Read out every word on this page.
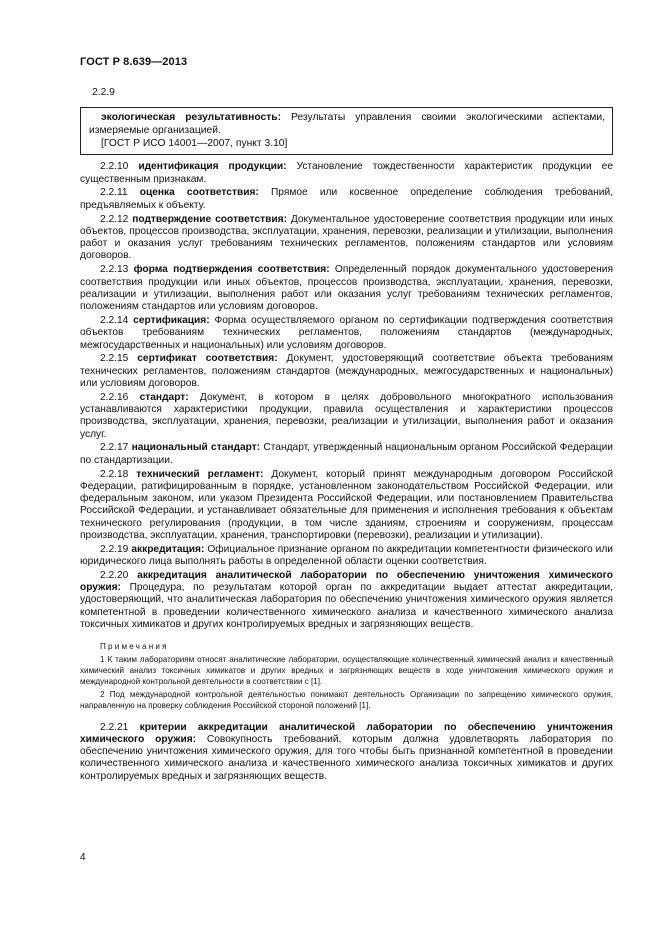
ГОСТ Р 8.639—2013
2.2.9

экологическая результативность: Результаты управления своими экологическими аспектами, измеряемые организацией.

[ГОСТ Р ИСО 14001—2007, пункт 3.10]

2.2.10 идентификация продукции: Установление тождественности характеристик продукции ее существенным признакам.

2.2.11 оценка соответствия: Прямое или косвенное определение соблюдения требований, предъявляемых к объекту.

2.2.12 подтверждение соответствия: Документальное удостоверение соответствия продукции или иных объектов, процессов производства, эксплуатации, хранения, перевозки, реализации и утилизации, выполнения работ и оказания услуг требованиям технических регламентов, положениям стандартов или условиям договоров.

2.2.13 форма подтверждения соответствия: Определенный порядок документального удостоверения соответствия продукции или иных объектов, процессов производства, эксплуатации, хранения, перевозки, реализации и утилизации, выполнения работ или оказания услуг требованиям технических регламентов, положениям стандартов или условиям договоров.

2.2.14 сертификация: Форма осуществляемого органом по сертификации подтверждения соответствия объектов требованиям технических регламентов, положениям стандартов (международных, межгосударственных и национальных) или условиям договоров.

2.2.15 сертификат соответствия: Документ, удостоверяющий соответствие объекта требованиям технических регламентов, положениям стандартов (международных, межгосударственных и национальных) или условиям договоров.

2.2.16 стандарт: Документ, в котором в целях добровольного многократного использования устанавливаются характеристики продукции, правила осуществления и характеристики процессов производства, эксплуатации, хранения, перевозки, реализации и утилизации, выполнения работ и оказания услуг.

2.2.17 национальный стандарт: Стандарт, утвержденный национальным органом Российской Федерации по стандартизации.

2.2.18 технический регламент: Документ, который принят международным договором Российской Федерации, ратифицированным в порядке, установленном законодательством Российской Федерации, или федеральным законом, или указом Президента Российской Федерации, или постановлением Правительства Российской Федерации, и устанавливает обязательные для применения и исполнения требования к объектам технического регулирования (продукции, в том числе зданиям, строениям и сооружениям, процессам производства, эксплуатации, хранения, транспортировки (перевозки), реализации и утилизации).

2.2.19 аккредитация: Официальное признание органом по аккредитации компетентности физического или юридического лица выполнять работы в определенной области оценки соответствия.

2.2.20 аккредитация аналитической лаборатории по обеспечению уничтожения химического оружия: Процедура, по результатам которой орган по аккредитации выдает аттестат аккредитации, удостоверяющий, что аналитическая лаборатория по обеспечению уничтожения химического оружия является компетентной в проведении количественного химического анализа и качественного химического анализа токсичных химикатов и других контролируемых вредных и загрязняющих веществ.

Примечания

1 К таким лабораториям относят аналитические лаборатории, осуществляющие количественный химический анализ и качественный химический анализ токсичных химикатов и других вредных и загрязняющих веществ в ходе уничтожения химического оружия и международной контрольной деятельности в соответствии с [1].

2 Под международной контрольной деятельностью понимают деятельность Организации по запрещению химического оружия, направленную на проверку соблюдения Российской стороной положений [1].

2.2.21 критерии аккредитации аналитической лаборатории по обеспечению уничтожения химического оружия: Совокупность требований, которым должна удовлетворять лаборатория по обеспечению уничтожения химического оружия, для того чтобы быть признанной компетентной в проведении количественного химического анализа и качественного химического анализа токсичных химикатов и других контролируемых вредных и загрязняющих веществ.

4
